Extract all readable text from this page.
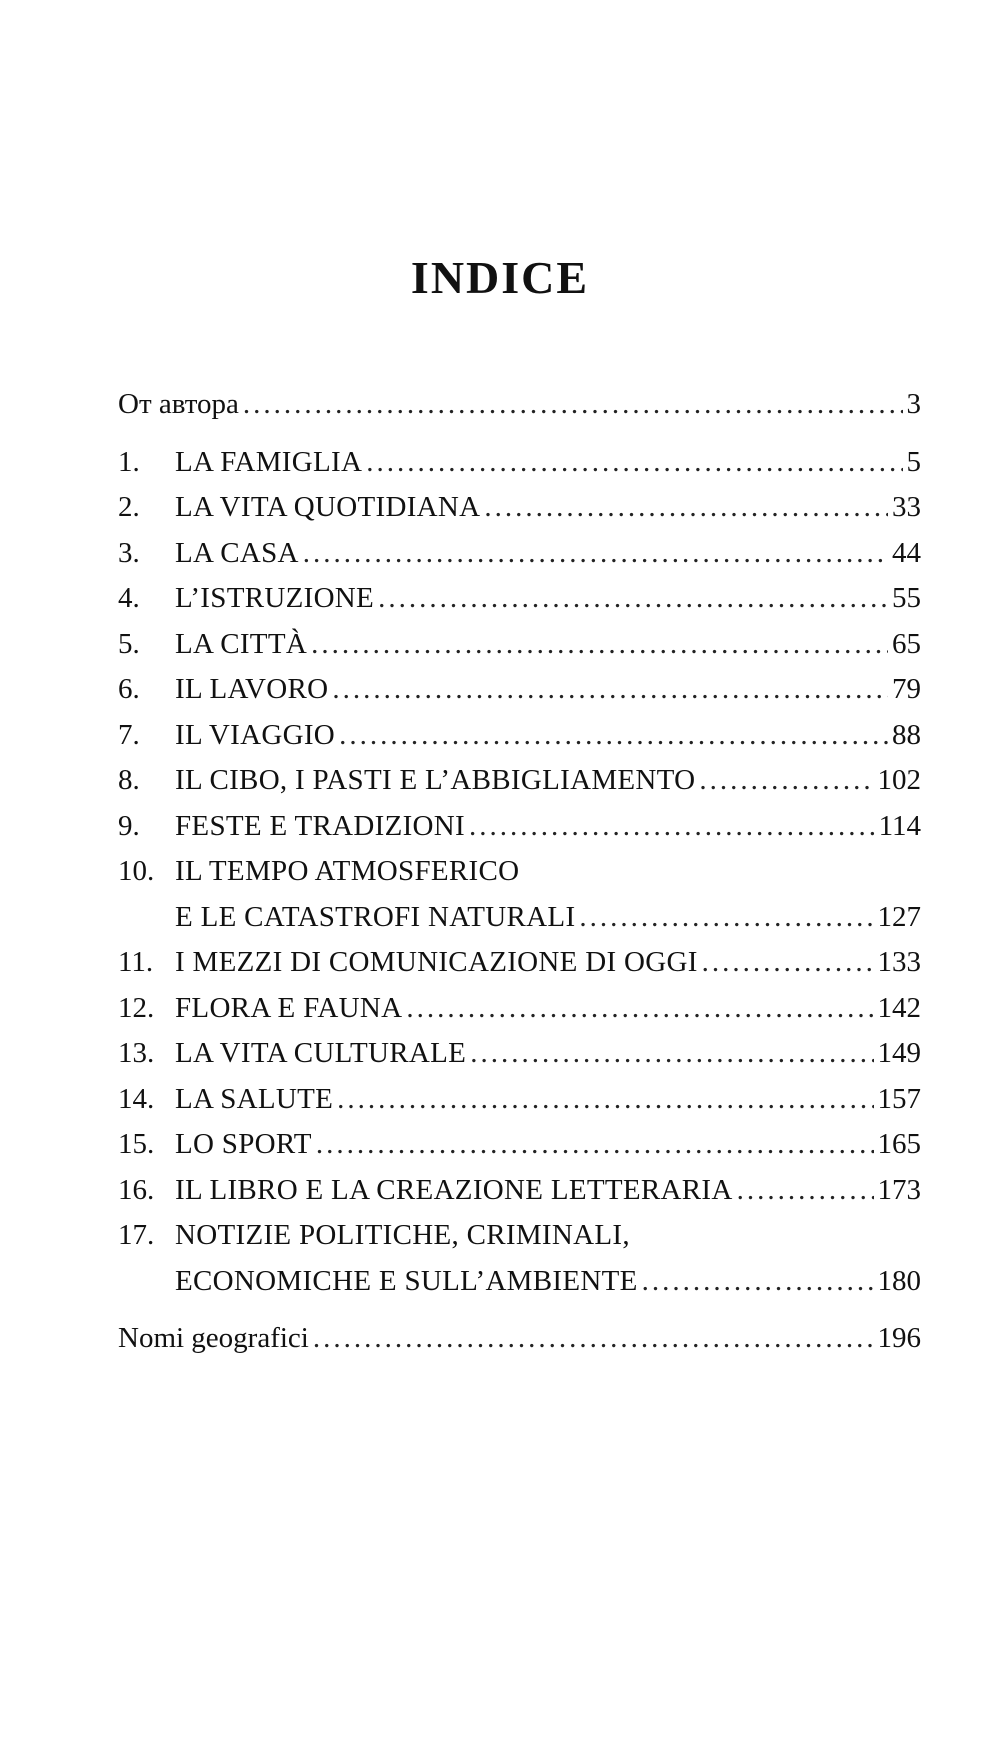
INDICE
От автора .....	3
1.	LA FAMIGLIA .....	5
2.	LA VITA QUOTIDIANA .....	33
3.	LA CASA .....	44
4.	L’ISTRUZIONE .....	55
5.	LA CITTÀ .....	65
6.	IL LAVORO .....	79
7.	IL VIAGGIO .....	88
8.	IL CIBO, I PASTI E L’ABBIGLIAMENTO .....	102
9.	FESTE E TRADIZIONI .....	114
10. IL TEMPO ATMOSFERICO
E LE CATASTROFI NATURALI .....	127
11. I MEZZI DI COMUNICAZIONE DI OGGI .....	133
12. FLORA E FAUNA .....	142
13. LA VITA CULTURALE .....	149
14. LA SALUTE .....	157
15. LO SPORT .....	165
16. IL LIBRO E LA CREAZIONE LETTERARIA .....	173
17. NOTIZIE POLITICHE, CRIMINALI,
ECONOMICHE E SULL’AMBIENTE .....	180
Nomi geografici .....	196
